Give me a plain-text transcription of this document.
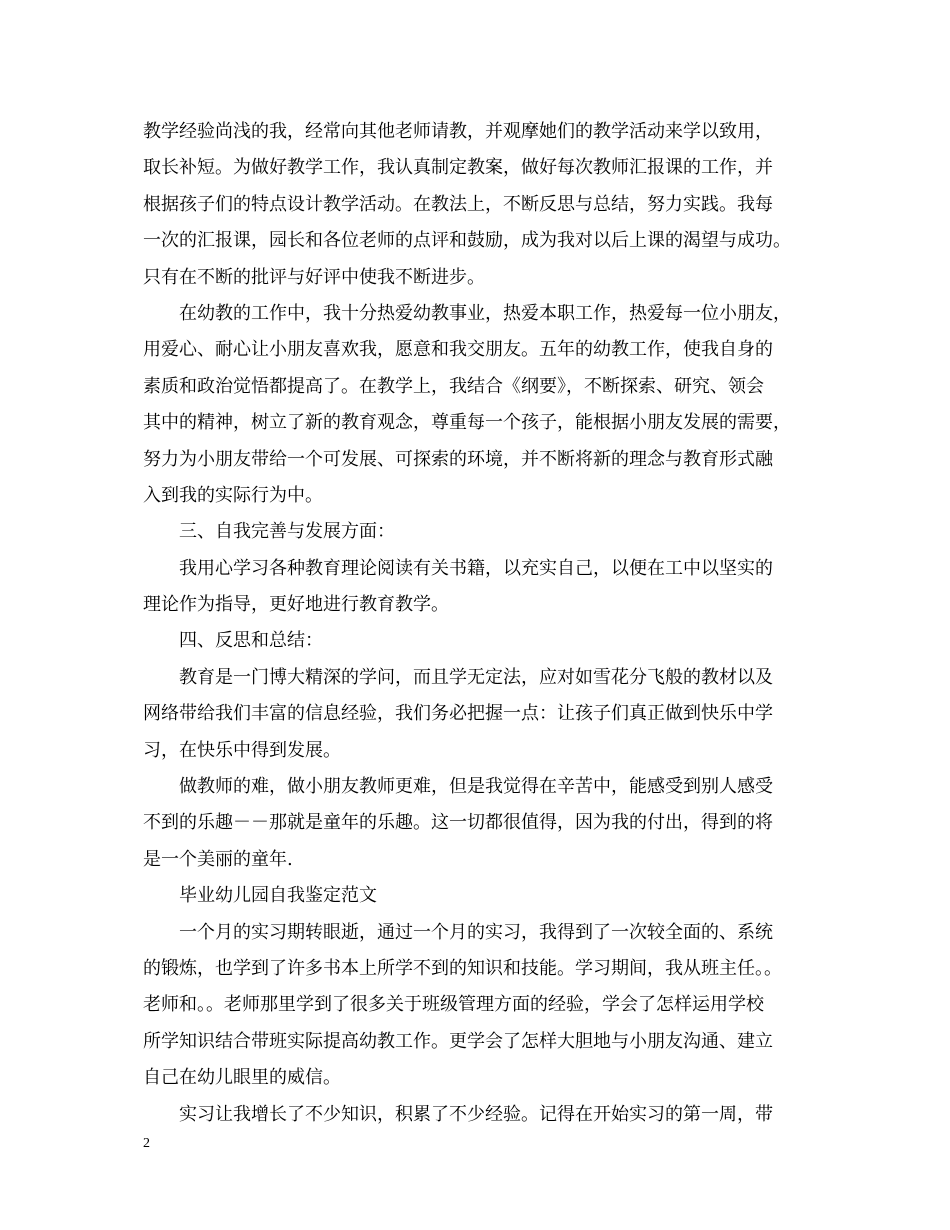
教学经验尚浅的我，经常向其他老师请教，并观摩她们的教学活动来学以致用，
取长补短。为做好教学工作，我认真制定教案，做好每次教师汇报课的工作，并
根据孩子们的特点设计教学活动。在教法上，不断反思与总结，努力实践。我每
一次的汇报课，园长和各位老师的点评和鼓励，成为我对以后上课的渴望与成功。
只有在不断的批评与好评中使我不断进步。
在幼教的工作中，我十分热爱幼教事业，热爱本职工作，热爱每一位小朋友，
用爱心、耐心让小朋友喜欢我，愿意和我交朋友。五年的幼教工作，使我自身的
素质和政治觉悟都提高了。在教学上，我结合《纲要》，不断探索、研究、领会
其中的精神，树立了新的教育观念，尊重每一个孩子，能根据小朋友发展的需要，
努力为小朋友带给一个可发展、可探索的环境，并不断将新的理念与教育形式融
入到我的实际行为中。
三、自我完善与发展方面：
我用心学习各种教育理论阅读有关书籍，以充实自己，以便在工中以坚实的
理论作为指导，更好地进行教育教学。
四、反思和总结：
教育是一门博大精深的学问，而且学无定法，应对如雪花分飞般的教材以及
网络带给我们丰富的信息经验，我们务必把握一点：让孩子们真正做到快乐中学
习，在快乐中得到发展。
做教师的难，做小朋友教师更难，但是我觉得在辛苦中，能感受到别人感受
不到的乐趣－－那就是童年的乐趣。这一切都很值得，因为我的付出，得到的将
是一个美丽的童年.
毕业幼儿园自我鉴定范文
一个月的实习期转眼逝，通过一个月的实习，我得到了一次较全面的、系统
的锻炼，也学到了许多书本上所学不到的知识和技能。学习期间，我从班主任。。
老师和。。老师那里学到了很多关于班级管理方面的经验，学会了怎样运用学校
所学知识结合带班实际提高幼教工作。更学会了怎样大胆地与小朋友沟通、建立
自己在幼儿眼里的威信。
实习让我增长了不少知识，积累了不少经验。记得在开始实习的第一周，带
2
